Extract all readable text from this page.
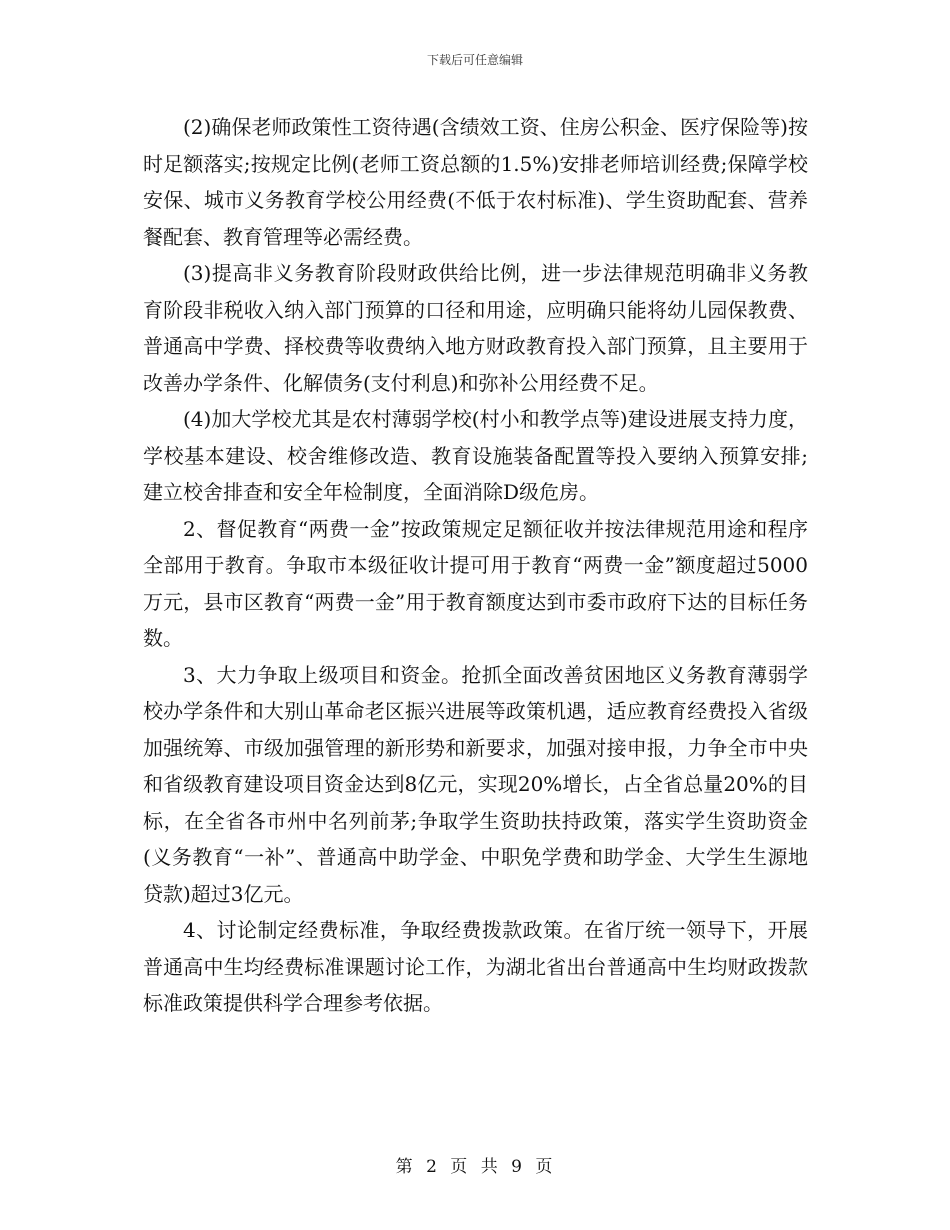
下载后可任意编辑

(2)确保老师政策性工资待遇(含绩效工资、住房公积金、医疗保险等)按时足额落实;按规定比例(老师工资总额的1.5%)安排老师培训经费;保障学校安保、城市义务教育学校公用经费(不低于农村标准)、学生资助配套、营养餐配套、教育管理等必需经费。

(3)提高非义务教育阶段财政供给比例，进一步法律规范明确非义务教育阶段非税收入纳入部门预算的口径和用途，应明确只能将幼儿园保教费、普通高中学费、择校费等收费纳入地方财政教育投入部门预算，且主要用于改善办学条件、化解债务(支付利息)和弥补公用经费不足。

(4)加大学校尤其是农村薄弱学校(村小和教学点等)建设进展支持力度，学校基本建设、校舍维修改造、教育设施装备配置等投入要纳入预算安排;建立校舍排查和安全年检制度，全面消除D级危房。

2、督促教育“两费一金”按政策规定足额征收并按法律规范用途和程序全部用于教育。争取市本级征收计提可用于教育“两费一金”额度超过5000万元，县市区教育“两费一金”用于教育额度达到市委市政府下达的目标任务数。

3、大力争取上级项目和资金。抢抓全面改善贫困地区义务教育薄弱学校办学条件和大别山革命老区振兴进展等政策机遇，适应教育经费投入省级加强统筹、市级加强管理的新形势和新要求，加强对接申报，力争全市中央和省级教育建设项目资金达到8亿元，实现20%增长，占全省总量20%的目标，在全省各市州中名列前茅;争取学生资助扶持政策，落实学生资助资金(义务教育“一补”、普通高中助学金、中职免学费和助学金、大学生生源地贷款)超过3亿元。

4、讨论制定经费标准，争取经费拨款政策。在省厅统一领导下，开展普通高中生均经费标准课题讨论工作，为湖北省出台普通高中生均财政拨款标准政策提供科学合理参考依据。

第 2 页 共 9 页
